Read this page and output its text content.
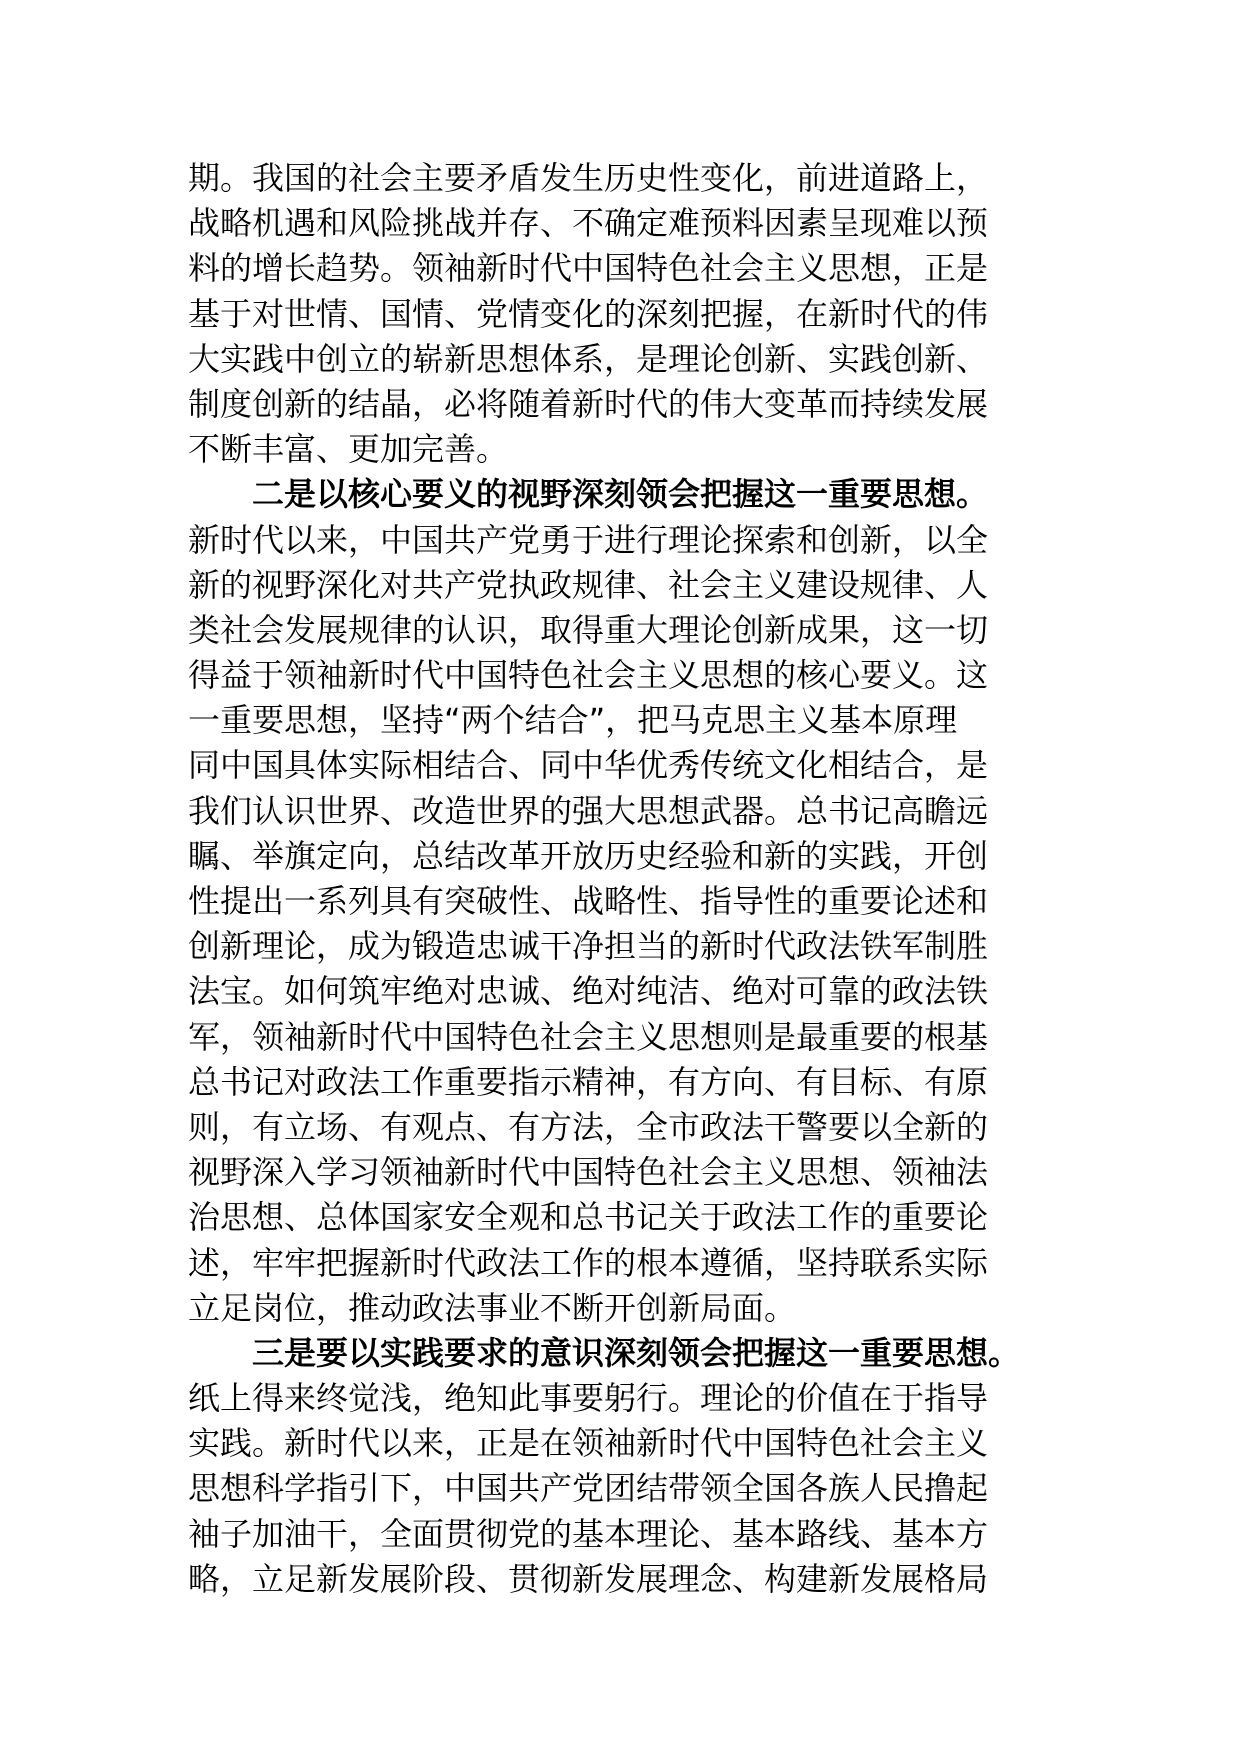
期。我国的社会主要矛盾发生历史性变化，前进道路上，
战略机遇和风险挑战并存、不确定难预料因素呈现难以预
料的增长趋势。领袖新时代中国特色社会主义思想，正是
基于对世情、国情、党情变化的深刻把握，在新时代的伟
大实践中创立的崭新思想体系，是理论创新、实践创新、
制度创新的结晶，必将随着新时代的伟大变革而持续发展
不断丰富、更加完善。
二是以核心要义的视野深刻领会把握这一重要思想。
新时代以来，中国共产党勇于进行理论探索和创新，以全
新的视野深化对共产党执政规律、社会主义建设规律、人
类社会发展规律的认识，取得重大理论创新成果，这一切
得益于领袖新时代中国特色社会主义思想的核心要义。这
一重要思想，坚持“两个结合”，把马克思主义基本原理
同中国具体实际相结合、同中华优秀传统文化相结合，是
我们认识世界、改造世界的强大思想武器。总书记高瞻远
瞩、举旗定向，总结改革开放历史经验和新的实践，开创
性提出一系列具有突破性、战略性、指导性的重要论述和
创新理论，成为锻造忠诚干净担当的新时代政法铁军制胜
法宝。如何筑牢绝对忠诚、绝对纯洁、绝对可靠的政法铁
军，领袖新时代中国特色社会主义思想则是最重要的根基
总书记对政法工作重要指示精神，有方向、有目标、有原
则，有立场、有观点、有方法，全市政法干警要以全新的
视野深入学习领袖新时代中国特色社会主义思想、领袖法
治思想、总体国家安全观和总书记关于政法工作的重要论
述，牢牢把握新时代政法工作的根本遵循，坚持联系实际
立足岗位，推动政法事业不断开创新局面。
三是要以实践要求的意识深刻领会把握这一重要思想。
纸上得来终觉浅，绝知此事要躬行。理论的价值在于指导
实践。新时代以来，正是在领袖新时代中国特色社会主义
思想科学指引下，中国共产党团结带领全国各族人民撸起
袖子加油干，全面贯彻党的基本理论、基本路线、基本方
略，立足新发展阶段、贯彻新发展理念、构建新发展格局
